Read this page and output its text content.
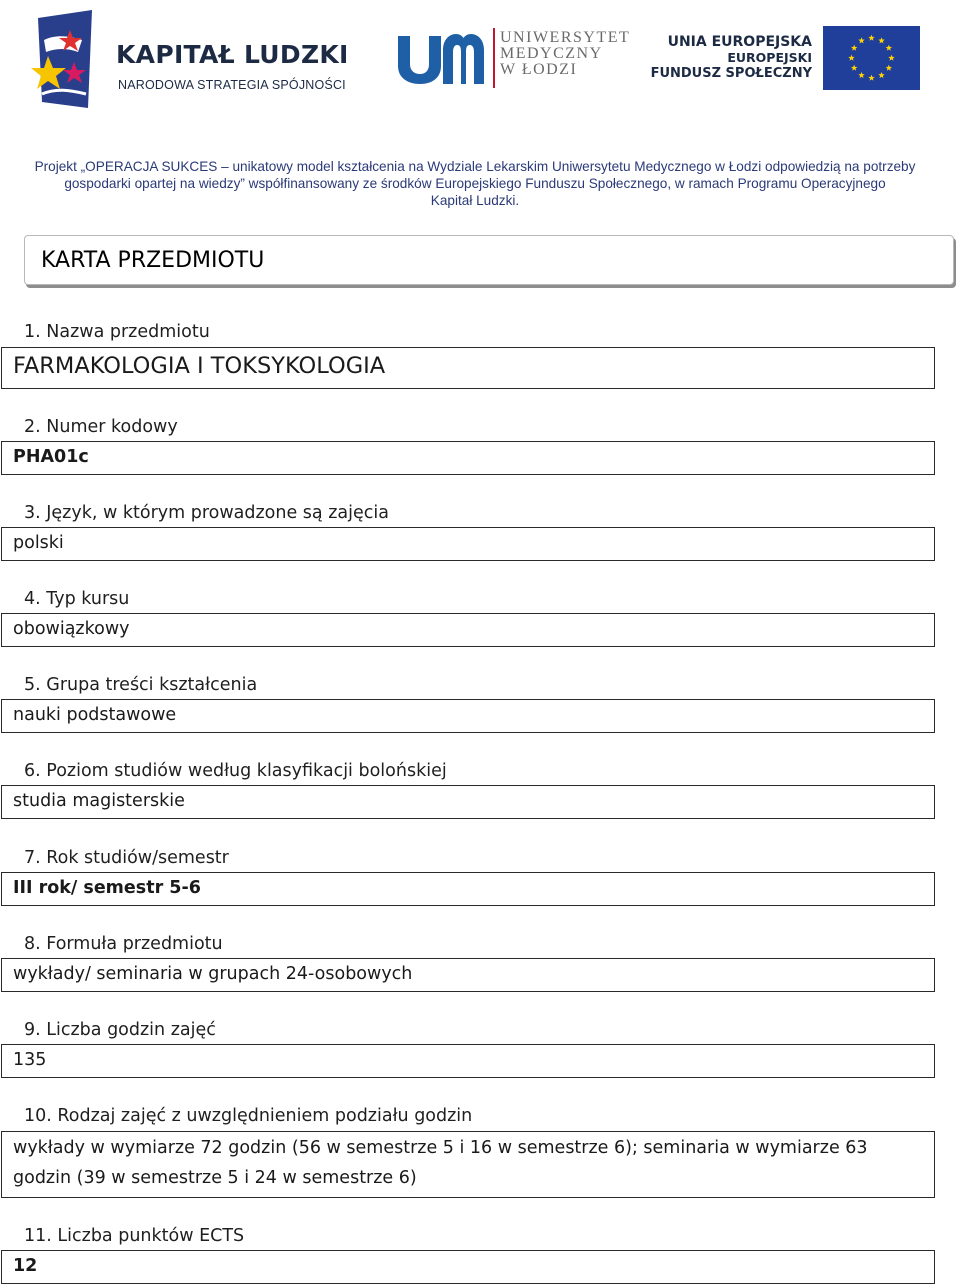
KAPITAŁ LUDZKI
NARODOWA STRATEGIA SPÓJNOŚCI
UNIWERSYTET
MEDYCZNY
W ŁODZI
UNIA EUROPEJSKA
EUROPEJSKI
FUNDUSZ SPOŁECZNY

Projekt „OPERACJA SUKCES – unikatowy model kształcenia na Wydziale Lekarskim Uniwersytetu Medycznego w Łodzi odpowiedzią na potrzeby

gospodarki opartej na wiedzy” współfinansowany ze środków Europejskiego Funduszu Społecznego, w ramach Programu Operacyjnego

Kapitał Ludzki.

KARTA PRZEDMIOTU
1. Nazwa przedmiotu
FARMAKOLOGIA I TOKSYKOLOGIA
2. Numer kodowy
PHA01c
3. Język, w którym prowadzone są zajęcia
polski
4. Typ kursu
obowiązkowy
5. Grupa treści kształcenia
nauki podstawowe
6. Poziom studiów według klasyfikacji bolońskiej
studia magisterskie
7. Rok studiów/semestr
III rok/ semestr 5-6
8. Formuła przedmiotu
wykłady/ seminaria w grupach 24-osobowych
9. Liczba godzin zajęć
135
10. Rodzaj zajęć z uwzględnieniem podziału godzin
wykłady w wymiarze 72 godzin (56 w semestrze 5 i 16 w semestrze 6); seminaria w wymiarze 63
godzin (39 w semestrze 5 i 24 w semestrze 6)
11. Liczba punktów ECTS
12
